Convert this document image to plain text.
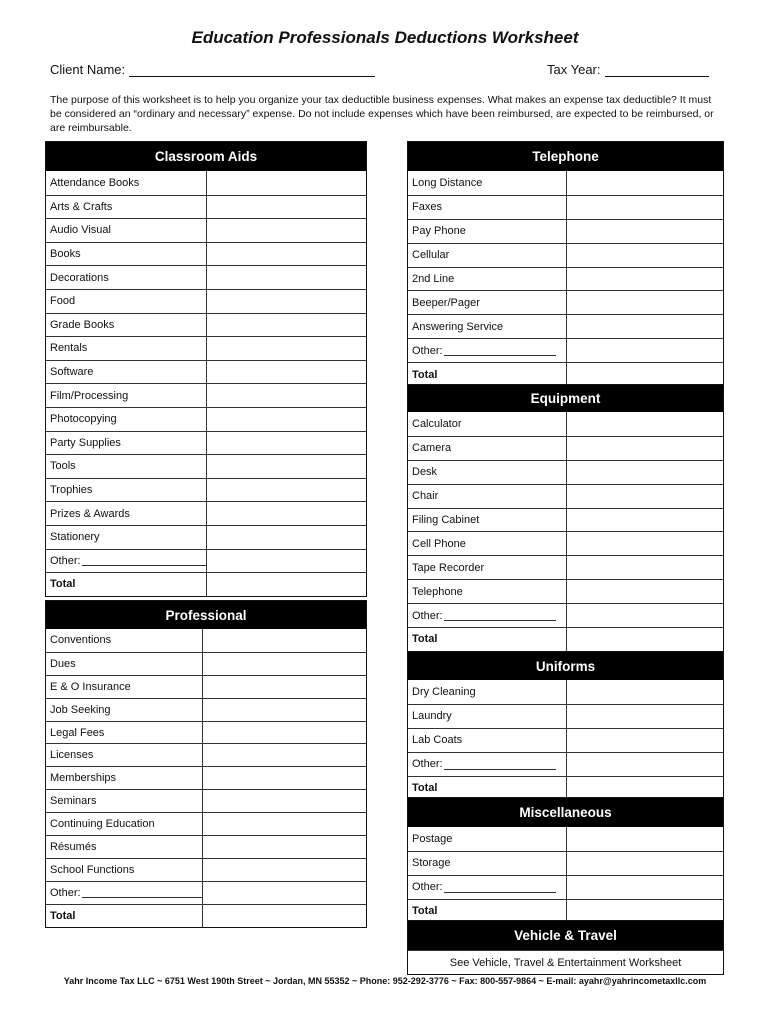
Education Professionals Deductions Worksheet
Client Name:	Tax Year:
The purpose of this worksheet is to help you organize your tax deductible business expenses. What makes an expense tax deductible? It must be considered an “ordinary and necessary” expense. Do not include expenses which have been reimbursed, are expected to be reimbursed, or are reimbursable.
Classroom Aids
Attendance Books
Arts & Crafts
Audio Visual
Books
Decorations
Food
Grade Books
Rentals
Software
Film/Processing
Photocopying
Party Supplies
Tools
Trophies
Prizes & Awards
Stationery
Other:
Total
Professional
Conventions
Dues
E & O Insurance
Job Seeking
Legal Fees
Licenses
Memberships
Seminars
Continuing Education
Résumés
School Functions
Other:
Total
Telephone
Long Distance
Faxes
Pay Phone
Cellular
2nd Line
Beeper/Pager
Answering Service
Other:
Total
Equipment
Calculator
Camera
Desk
Chair
Filing Cabinet
Cell Phone
Tape Recorder
Telephone
Other:
Total
Uniforms
Dry Cleaning
Laundry
Lab Coats
Other:
Total
Miscellaneous
Postage
Storage
Other:
Total
Vehicle & Travel
See Vehicle, Travel & Entertainment Worksheet
Yahr Income Tax LLC ~ 6751 West 190th Street ~ Jordan, MN 55352 ~ Phone: 952-292-3776 ~ Fax: 800-557-9864 ~ E-mail: ayahr@yahrincometaxllc.com
